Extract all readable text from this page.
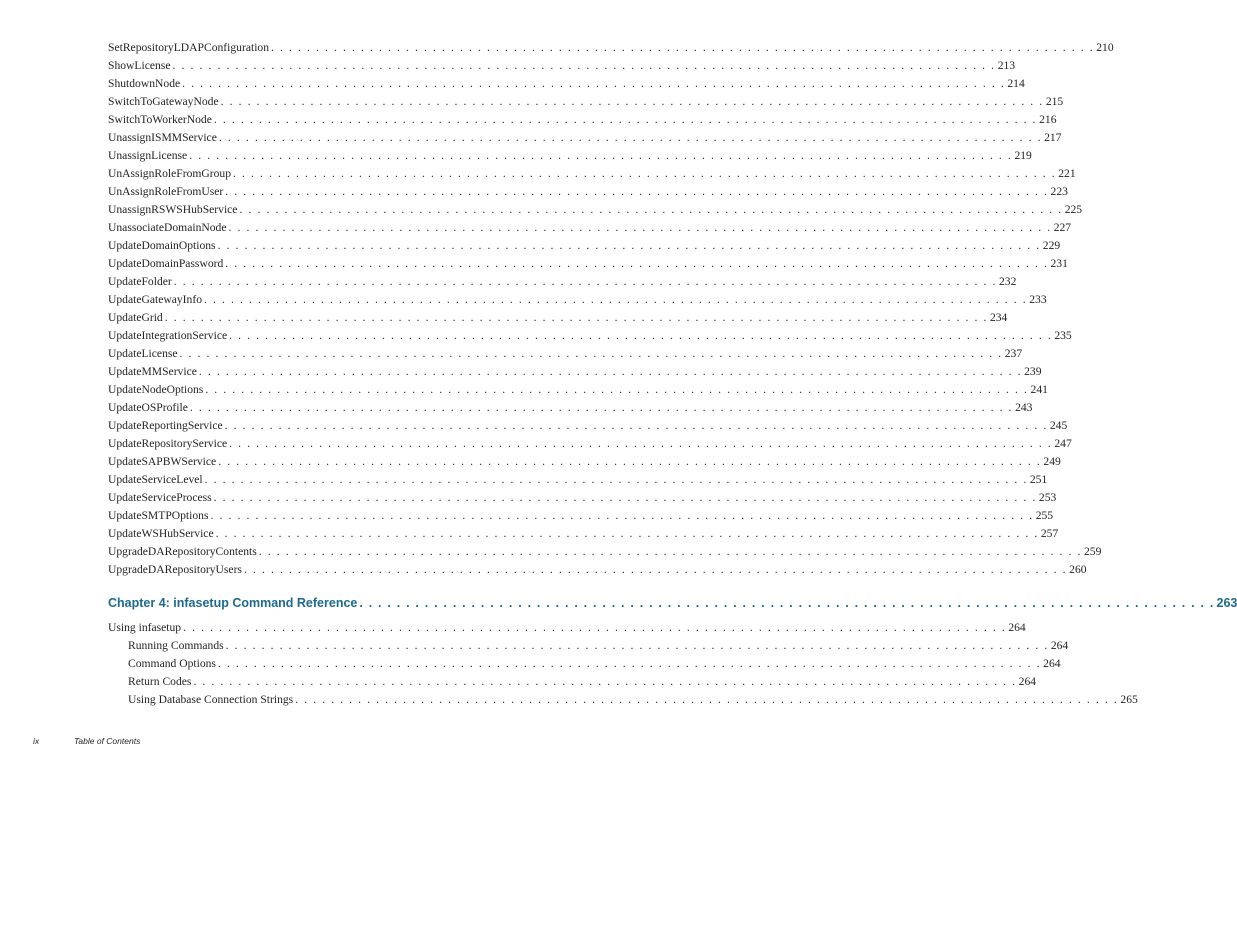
SetRepositoryLDAPConfiguration . . . . . . . . . . . . . . . . . . . . . . . . . . . . . . . . . . . . . . . . . . . . . . . . . . . . . . . . . . . . . . . . . . . . . . . . . . . . . . . . . . . . . . . . . . . . 210
ShowLicense . . . . . . . . . . . . . . . . . . . . . . . . . . . . . . . . . . . . . . . . . . . . . . . . . . . . . . . . . . . . . . . . . . . . . . . . . . . . . . . . . . . . . . . . . . . . 213
ShutdownNode . . . . . . . . . . . . . . . . . . . . . . . . . . . . . . . . . . . . . . . . . . . . . . . . . . . . . . . . . . . . . . . . . . . . . . . . . . . . . . . . . . . . . . . . . . . . 214
SwitchToGatewayNode . . . . . . . . . . . . . . . . . . . . . . . . . . . . . . . . . . . . . . . . . . . . . . . . . . . . . . . . . . . . . . . . . . . . . . . . . . . . . . . . . . . . . . . . . . . . 215
SwitchToWorkerNode . . . . . . . . . . . . . . . . . . . . . . . . . . . . . . . . . . . . . . . . . . . . . . . . . . . . . . . . . . . . . . . . . . . . . . . . . . . . . . . . . . . . . . . . . . . . 216
UnassignISMMService . . . . . . . . . . . . . . . . . . . . . . . . . . . . . . . . . . . . . . . . . . . . . . . . . . . . . . . . . . . . . . . . . . . . . . . . . . . . . . . . . . . . . . . . . . . . 217
UnassignLicense . . . . . . . . . . . . . . . . . . . . . . . . . . . . . . . . . . . . . . . . . . . . . . . . . . . . . . . . . . . . . . . . . . . . . . . . . . . . . . . . . . . . . . . . . . . . 219
UnAssignRoleFromGroup . . . . . . . . . . . . . . . . . . . . . . . . . . . . . . . . . . . . . . . . . . . . . . . . . . . . . . . . . . . . . . . . . . . . . . . . . . . . . . . . . . . . . . . . . . . . 221
UnAssignRoleFromUser . . . . . . . . . . . . . . . . . . . . . . . . . . . . . . . . . . . . . . . . . . . . . . . . . . . . . . . . . . . . . . . . . . . . . . . . . . . . . . . . . . . . . . . . . . . . 223
UnassignRSWSHubService . . . . . . . . . . . . . . . . . . . . . . . . . . . . . . . . . . . . . . . . . . . . . . . . . . . . . . . . . . . . . . . . . . . . . . . . . . . . . . . . . . . . . . . . . . . . 225
UnassociateDomainNode . . . . . . . . . . . . . . . . . . . . . . . . . . . . . . . . . . . . . . . . . . . . . . . . . . . . . . . . . . . . . . . . . . . . . . . . . . . . . . . . . . . . . . . . . . . . 227
UpdateDomainOptions . . . . . . . . . . . . . . . . . . . . . . . . . . . . . . . . . . . . . . . . . . . . . . . . . . . . . . . . . . . . . . . . . . . . . . . . . . . . . . . . . . . . . . . . . . . . 229
UpdateDomainPassword . . . . . . . . . . . . . . . . . . . . . . . . . . . . . . . . . . . . . . . . . . . . . . . . . . . . . . . . . . . . . . . . . . . . . . . . . . . . . . . . . . . . . . . . . . . . 231
UpdateFolder . . . . . . . . . . . . . . . . . . . . . . . . . . . . . . . . . . . . . . . . . . . . . . . . . . . . . . . . . . . . . . . . . . . . . . . . . . . . . . . . . . . . . . . . . . . . 232
UpdateGatewayInfo . . . . . . . . . . . . . . . . . . . . . . . . . . . . . . . . . . . . . . . . . . . . . . . . . . . . . . . . . . . . . . . . . . . . . . . . . . . . . . . . . . . . . . . . . . . . 233
UpdateGrid . . . . . . . . . . . . . . . . . . . . . . . . . . . . . . . . . . . . . . . . . . . . . . . . . . . . . . . . . . . . . . . . . . . . . . . . . . . . . . . . . . . . . . . . . . . . 234
UpdateIntegrationService . . . . . . . . . . . . . . . . . . . . . . . . . . . . . . . . . . . . . . . . . . . . . . . . . . . . . . . . . . . . . . . . . . . . . . . . . . . . . . . . . . . . . . . . . . . . 235
UpdateLicense . . . . . . . . . . . . . . . . . . . . . . . . . . . . . . . . . . . . . . . . . . . . . . . . . . . . . . . . . . . . . . . . . . . . . . . . . . . . . . . . . . . . . . . . . . . . 237
UpdateMMService . . . . . . . . . . . . . . . . . . . . . . . . . . . . . . . . . . . . . . . . . . . . . . . . . . . . . . . . . . . . . . . . . . . . . . . . . . . . . . . . . . . . . . . . . . . . 239
UpdateNodeOptions . . . . . . . . . . . . . . . . . . . . . . . . . . . . . . . . . . . . . . . . . . . . . . . . . . . . . . . . . . . . . . . . . . . . . . . . . . . . . . . . . . . . . . . . . . . . 241
UpdateOSProfile . . . . . . . . . . . . . . . . . . . . . . . . . . . . . . . . . . . . . . . . . . . . . . . . . . . . . . . . . . . . . . . . . . . . . . . . . . . . . . . . . . . . . . . . . . . . 243
UpdateReportingService . . . . . . . . . . . . . . . . . . . . . . . . . . . . . . . . . . . . . . . . . . . . . . . . . . . . . . . . . . . . . . . . . . . . . . . . . . . . . . . . . . . . . . . . . . . . 245
UpdateRepositoryService . . . . . . . . . . . . . . . . . . . . . . . . . . . . . . . . . . . . . . . . . . . . . . . . . . . . . . . . . . . . . . . . . . . . . . . . . . . . . . . . . . . . . . . . . . . . 247
UpdateSAPBWService . . . . . . . . . . . . . . . . . . . . . . . . . . . . . . . . . . . . . . . . . . . . . . . . . . . . . . . . . . . . . . . . . . . . . . . . . . . . . . . . . . . . . . . . . . . . 249
UpdateServiceLevel . . . . . . . . . . . . . . . . . . . . . . . . . . . . . . . . . . . . . . . . . . . . . . . . . . . . . . . . . . . . . . . . . . . . . . . . . . . . . . . . . . . . . . . . . . . . 251
UpdateServiceProcess . . . . . . . . . . . . . . . . . . . . . . . . . . . . . . . . . . . . . . . . . . . . . . . . . . . . . . . . . . . . . . . . . . . . . . . . . . . . . . . . . . . . . . . . . . . . 253
UpdateSMTPOptions . . . . . . . . . . . . . . . . . . . . . . . . . . . . . . . . . . . . . . . . . . . . . . . . . . . . . . . . . . . . . . . . . . . . . . . . . . . . . . . . . . . . . . . . . . . . 255
UpdateWSHubService . . . . . . . . . . . . . . . . . . . . . . . . . . . . . . . . . . . . . . . . . . . . . . . . . . . . . . . . . . . . . . . . . . . . . . . . . . . . . . . . . . . . . . . . . . . . 257
UpgradeDARepositoryContents . . . . . . . . . . . . . . . . . . . . . . . . . . . . . . . . . . . . . . . . . . . . . . . . . . . . . . . . . . . . . . . . . . . . . . . . . . . . . . . . . . . . . . . . . . . . 259
UpgradeDARepositoryUsers . . . . . . . . . . . . . . . . . . . . . . . . . . . . . . . . . . . . . . . . . . . . . . . . . . . . . . . . . . . . . . . . . . . . . . . . . . . . . . . . . . . . . . . . . . . . 260
Chapter 4: infasetup Command Reference . . . . . . . . . . . . . . . . . . . . . . . . . . . . . . . . . . . . . . . . . . . . . . . . . . . . . . . . . . . . . . . . . . . . . . . . . . . . . . . . . . . . . . . . . . . . 263
Using infasetup . . . . . . . . . . . . . . . . . . . . . . . . . . . . . . . . . . . . . . . . . . . . . . . . . . . . . . . . . . . . . . . . . . . . . . . . . . . . . . . . . . . . . . . . . . . . 264
Running Commands . . . . . . . . . . . . . . . . . . . . . . . . . . . . . . . . . . . . . . . . . . . . . . . . . . . . . . . . . . . . . . . . . . . . . . . . . . . . . . . . . . . . . . . . . . . . 264
Command Options . . . . . . . . . . . . . . . . . . . . . . . . . . . . . . . . . . . . . . . . . . . . . . . . . . . . . . . . . . . . . . . . . . . . . . . . . . . . . . . . . . . . . . . . . . . . 264
Return Codes . . . . . . . . . . . . . . . . . . . . . . . . . . . . . . . . . . . . . . . . . . . . . . . . . . . . . . . . . . . . . . . . . . . . . . . . . . . . . . . . . . . . . . . . . . . . 264
Using Database Connection Strings . . . . . . . . . . . . . . . . . . . . . . . . . . . . . . . . . . . . . . . . . . . . . . . . . . . . . . . . . . . . . . . . . . . . . . . . . . . . . . . . . . . . . . . . . . . . 265
ix	Table of Contents
